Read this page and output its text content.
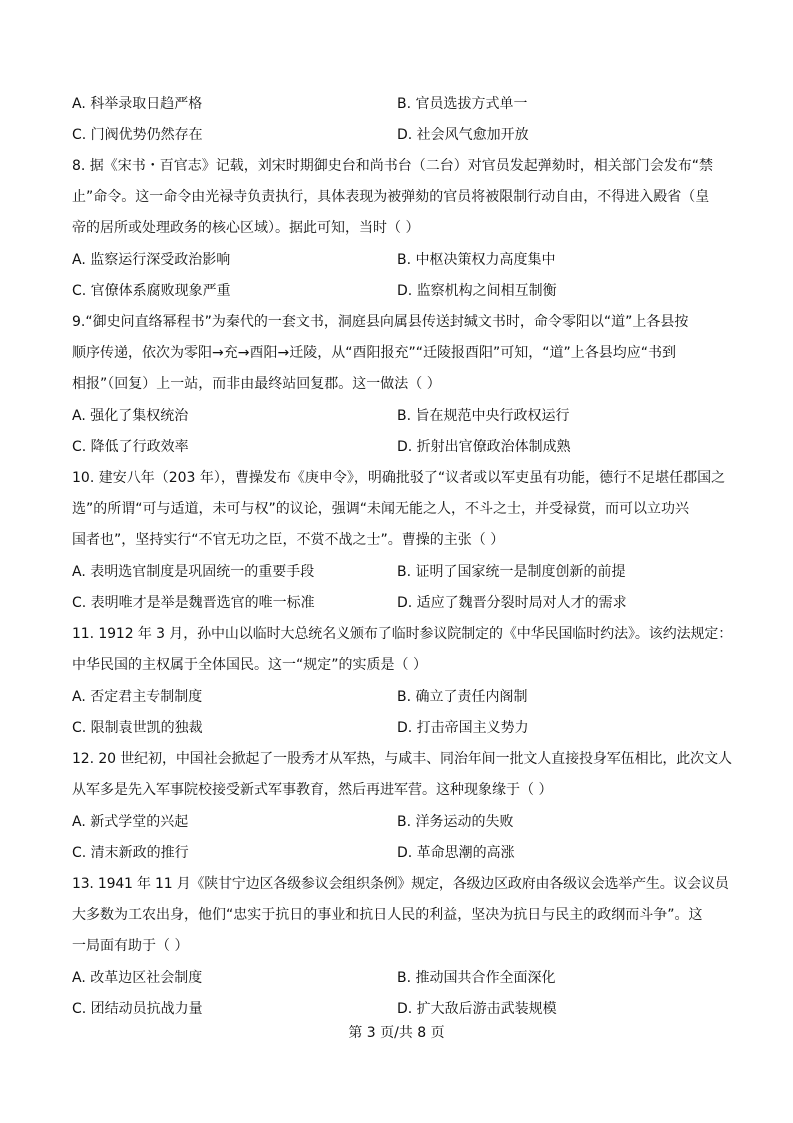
A. 科举录取日趋严格	B. 官员选拔方式单一
C. 门阀优势仍然存在	D. 社会风气愈加开放
8. 据《宋书・百官志》记载，刘宋时期御史台和尚书台（二台）对官员发起弹劾时，相关部门会发布“禁
止”命令。这一命令由光禄寺负责执行，具体表现为被弹劾的官员将被限制行动自由，不得进入殿省（皇
帝的居所或处理政务的核心区域）。据此可知，当时（ ）
A. 监察运行深受政治影响	B. 中枢决策权力高度集中
C. 官僚体系腐败现象严重	D. 监察机构之间相互制衡
9.“御史问直络幂程书”为秦代的一套文书，洞庭县向属县传送封缄文书时，命令零阳以“道”上各县按
顺序传递，依次为零阳→充→酉阳→迁陵，从“酉阳报充”“迁陵报酉阳”可知，“道”上各县均应“书到
相报”（回复）上一站，而非由最终站回复郡。这一做法（ ）
A. 强化了集权统治	B. 旨在规范中央行政权运行
C. 降低了行政效率	D. 折射出官僚政治体制成熟
10. 建安八年（203 年），曹操发布《庚申令》，明确批驳了“议者或以军吏虽有功能，德行不足堪任郡国之
选”的所谓“可与适道，未可与权”的议论，强调“未闻无能之人，不斗之士，并受禄赏，而可以立功兴
国者也”，坚持实行“不官无功之臣，不赏不战之士”。曹操的主张（ ）
A. 表明选官制度是巩固统一的重要手段	B. 证明了国家统一是制度创新的前提
C. 表明唯才是举是魏晋选官的唯一标准	D. 适应了魏晋分裂时局对人才的需求
11. 1912 年 3 月，孙中山以临时大总统名义颁布了临时参议院制定的《中华民国临时约法》。该约法规定：
中华民国的主权属于全体国民。这一“规定”的实质是（ ）
A. 否定君主专制制度	B. 确立了责任内阁制
C. 限制袁世凯的独裁	D. 打击帝国主义势力
12. 20 世纪初，中国社会掀起了一股秀才从军热，与咸丰、同治年间一批文人直接投身军伍相比，此次文人
从军多是先入军事院校接受新式军事教育，然后再进军营。这种现象缘于（ ）
A. 新式学堂的兴起	B. 洋务运动的失败
C. 清末新政的推行	D. 革命思潮的高涨
13. 1941 年 11 月《陕甘宁边区各级参议会组织条例》规定，各级边区政府由各级议会选举产生。议会议员
大多数为工农出身，他们“忠实于抗日的事业和抗日人民的利益，坚决为抗日与民主的政纲而斗争”。这
一局面有助于（ ）
A. 改革边区社会制度	B. 推动国共合作全面深化
C. 团结动员抗战力量	D. 扩大敌后游击武装规模
第 3 页/共 8 页
